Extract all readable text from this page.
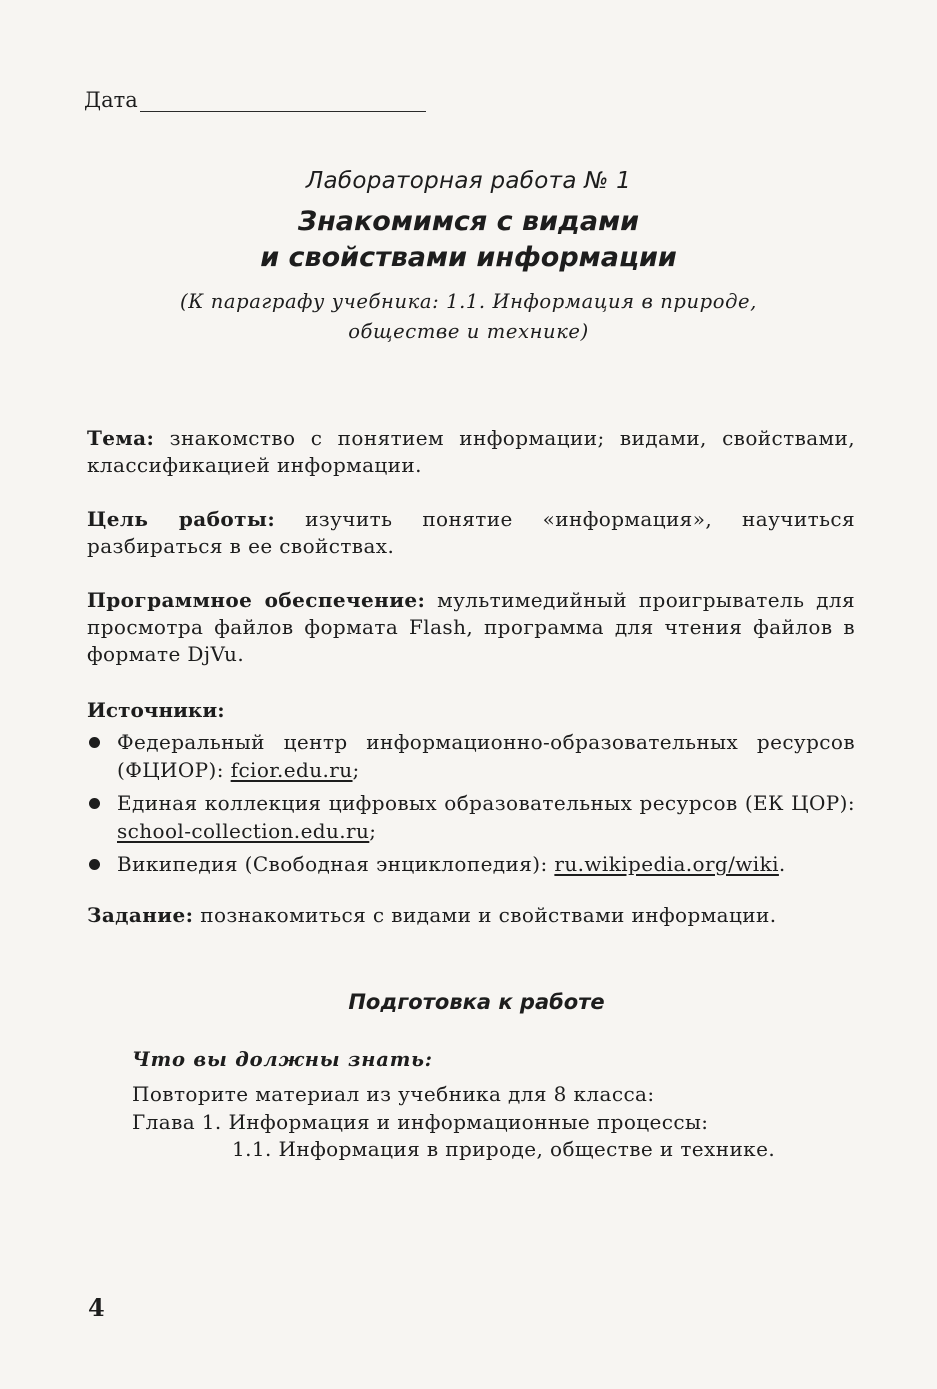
Дата
Лабораторная работа № 1
Знакомимся с видами
и свойствами информации
(К параграфу учебника: 1.1. Информация в природе,
обществе и технике)
Тема: знакомство с понятием информации; видами, свойствами, классификацией информации.
Цель работы: изучить понятие «информация», научиться разбираться в ее свойствах.
Программное обеспечение: мультимедийный проигрыватель для просмотра файлов формата Flash, программа для чтения файлов в формате DjVu.
Источники:
Федеральный центр информационно-образовательных ресурсов (ФЦИОР): fcior.edu.ru;
Единая коллекция цифровых образовательных ресурсов (ЕК ЦОР): school-collection.edu.ru;
Википедия (Свободная энциклопедия): ru.wikipedia.org/wiki.
Задание: познакомиться с видами и свойствами информации.
Подготовка к работе
Что вы должны знать:
Повторите материал из учебника для 8 класса:
Глава 1. Информация и информационные процессы:
1.1. Информация в природе, обществе и технике.
4
